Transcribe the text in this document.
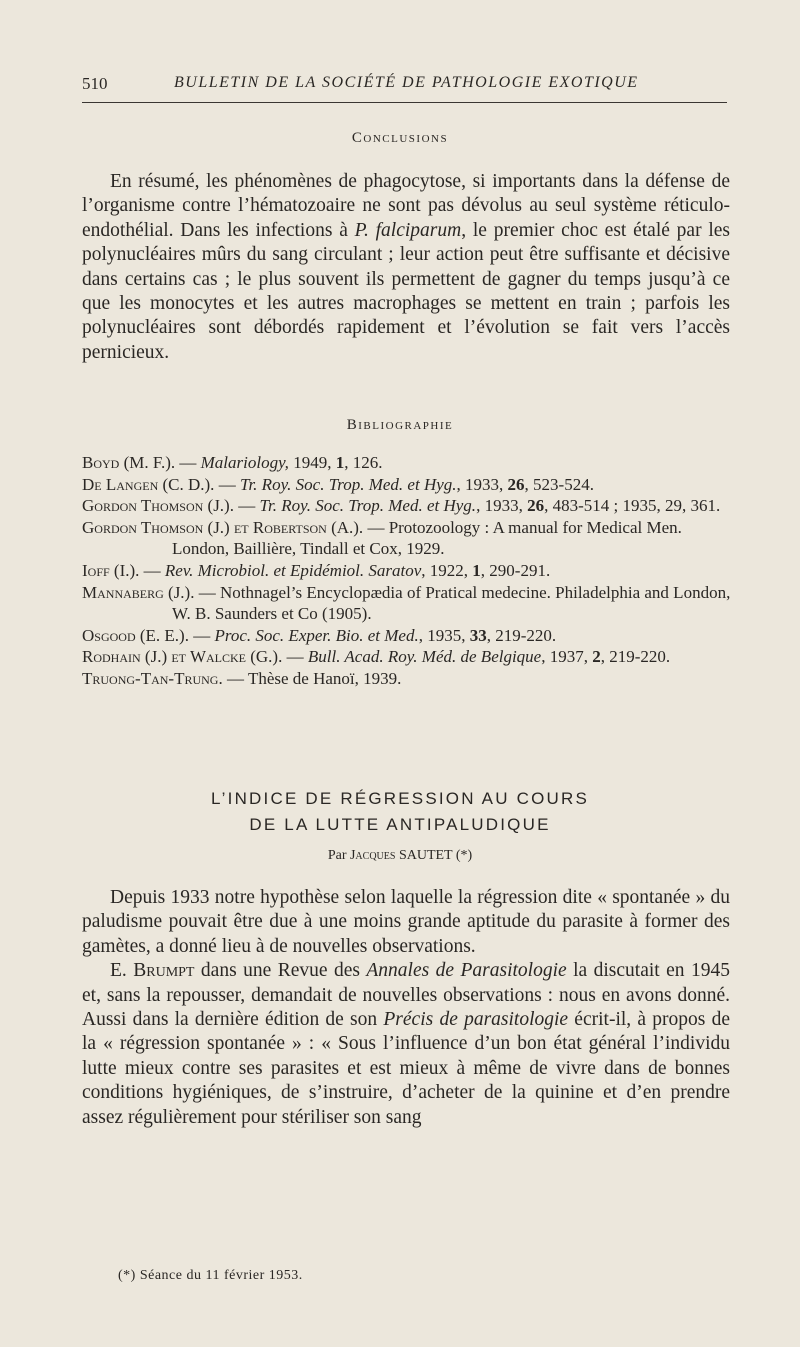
510	BULLETIN DE LA SOCIÉTÉ DE PATHOLOGIE EXOTIQUE
Conclusions

En résumé, les phénomènes de phagocytose, si importants dans la défense de l’organisme contre l’hématozoaire ne sont pas dévolus au seul système réticulo-endothélial. Dans les infections à P. falciparum, le premier choc est étalé par les polynucléaires mûrs du sang circulant ; leur action peut être suffisante et décisive dans certains cas ; le plus souvent ils permettent de gagner du temps jusqu’à ce que les monocytes et les autres macrophages se mettent en train ; parfois les polynucléaires sont débordés rapidement et l’évolution se fait vers l’accès pernicieux.

Bibliographie

Boyd (M. F.). — Malariology, 1949, 1, 126.

De Langen (C. D.). — Tr. Roy. Soc. Trop. Med. et Hyg., 1933, 26, 523-524.

Gordon Thomson (J.). — Tr. Roy. Soc. Trop. Med. et Hyg., 1933, 26, 483-514 ; 1935, 29, 361.

Gordon Thomson (J.) et Robertson (A.). — Protozoology : A manual for Medical Men. London, Baillière, Tindall et Cox, 1929.

Ioff (I.). — Rev. Microbiol. et Epidémiol. Saratov, 1922, 1, 290-291.

Mannaberg (J.). — Nothnagel’s Encyclopædia of Pratical medecine. Philadelphia and London, W. B. Saunders et Co (1905).

Osgood (E. E.). — Proc. Soc. Exper. Bio. et Med., 1935, 33, 219-220.

Rodhain (J.) et Walcke (G.). — Bull. Acad. Roy. Méd. de Belgique, 1937, 2, 219-220.

Truong-Tan-Trung. — Thèse de Hanoï, 1939.

L’INDICE DE RÉGRESSION AU COURS
DE LA LUTTE ANTIPALUDIQUE
Par Jacques SAUTET (*)

Depuis 1933 notre hypothèse selon laquelle la régression dite « spontanée » du paludisme pouvait être due à une moins grande aptitude du parasite à former des gamètes, a donné lieu à de nouvelles observations.

E. Brumpt dans une Revue des Annales de Parasitologie la discutait en 1945 et, sans la repousser, demandait de nouvelles observations : nous en avons donné. Aussi dans la dernière édition de son Précis de parasitologie écrit-il, à propos de la « régression spontanée » : « Sous l’influence d’un bon état général l’individu lutte mieux contre ses parasites et est mieux à même de vivre dans de bonnes conditions hygiéniques, de s’instruire, d’acheter de la quinine et d’en prendre assez régulièrement pour stériliser son sang

(*) Séance du 11 février 1953.
